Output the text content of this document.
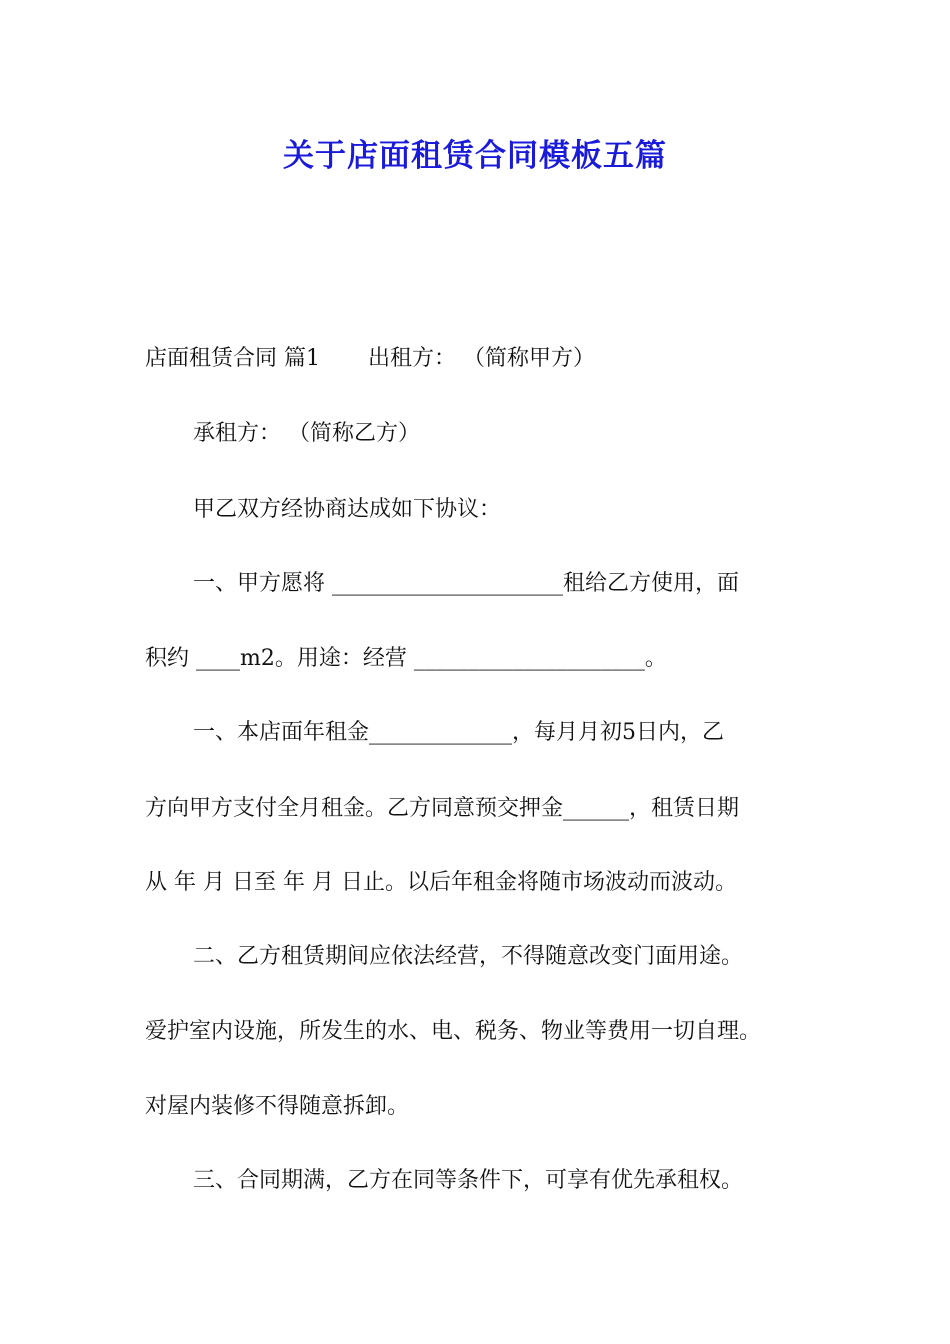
关于店面租赁合同模板五篇

店面租赁合同 篇1 出租方： （简称甲方）

承租方： （简称乙方）

甲乙双方经协商达成如下协议：

一、甲方愿将 _____________________租给乙方使用，面

积约 ____m2。用途：经营 _____________________。

一、本店面年租金_____________，每月月初5日内，乙

方向甲方支付全月租金。乙方同意预交押金______，租赁日期

从 年 月 日至 年 月 日止。以后年租金将随市场波动而波动。

二、乙方租赁期间应依法经营，不得随意改变门面用途。

爱护室内设施，所发生的水、电、税务、物业等费用一切自理。

对屋内装修不得随意拆卸。

三、合同期满，乙方在同等条件下，可享有优先承租权。
